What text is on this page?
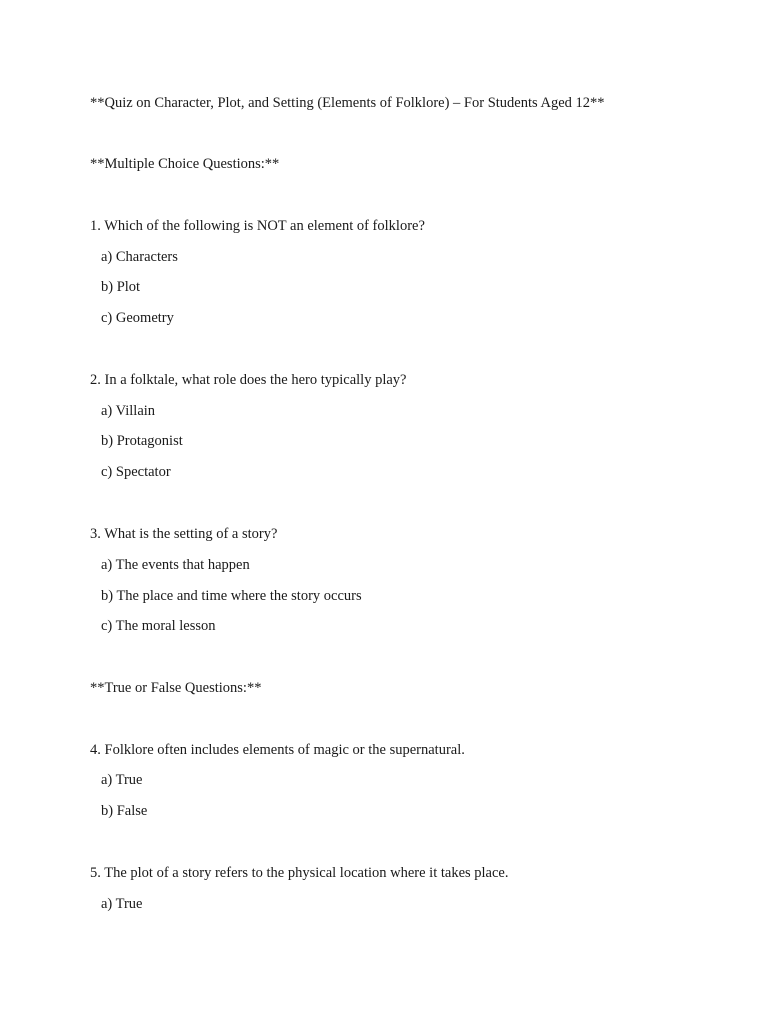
**Quiz on Character, Plot, and Setting (Elements of Folklore) – For Students Aged 12**
**Multiple Choice Questions:**
1. Which of the following is NOT an element of folklore?
a) Characters
b) Plot
c) Geometry
2. In a folktale, what role does the hero typically play?
a) Villain
b) Protagonist
c) Spectator
3. What is the setting of a story?
a) The events that happen
b) The place and time where the story occurs
c) The moral lesson
**True or False Questions:**
4. Folklore often includes elements of magic or the supernatural.
a) True
b) False
5. The plot of a story refers to the physical location where it takes place.
a) True
